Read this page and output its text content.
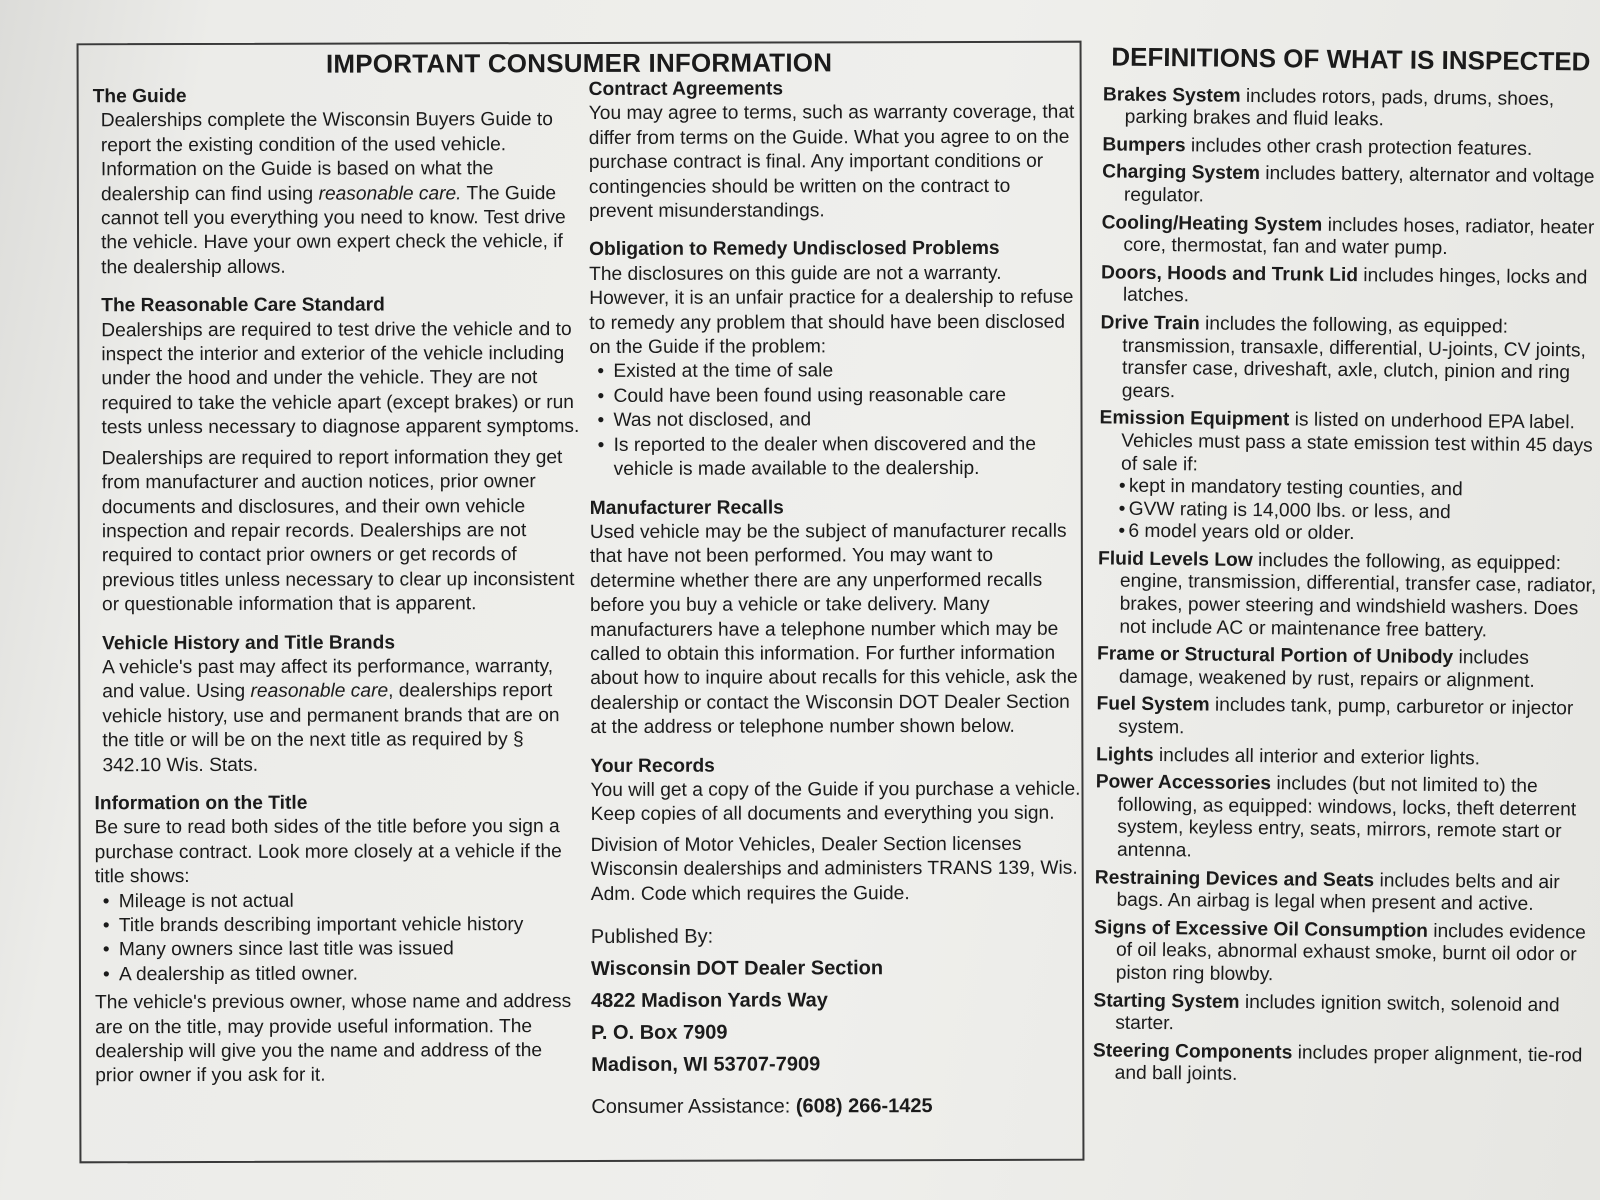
IMPORTANT CONSUMER INFORMATION

The Guide

Dealerships complete the Wisconsin Buyers Guide to report the existing condition of the used vehicle. Information on the Guide is based on what the dealership can find using reasonable care. The Guide cannot tell you everything you need to know. Test drive the vehicle. Have your own expert check the vehicle, if the dealership allows.

The Reasonable Care Standard

Dealerships are required to test drive the vehicle and to inspect the interior and exterior of the vehicle including under the hood and under the vehicle. They are not required to take the vehicle apart (except brakes) or run tests unless necessary to diagnose apparent symptoms.

Dealerships are required to report information they get from manufacturer and auction notices, prior owner documents and disclosures, and their own vehicle inspection and repair records. Dealerships are not required to contact prior owners or get records of previous titles unless necessary to clear up inconsistent or questionable information that is apparent.

Vehicle History and Title Brands

A vehicle's past may affect its performance, warranty, and value. Using reasonable care, dealerships report vehicle history, use and permanent brands that are on the title or will be on the next title as required by § 342.10 Wis. Stats.

Information on the Title

Be sure to read both sides of the title before you sign a purchase contract. Look more closely at a vehicle if the title shows:

• Mileage is not actual

• Title brands describing important vehicle history

• Many owners since last title was issued

• A dealership as titled owner.

The vehicle's previous owner, whose name and address are on the title, may provide useful information. The dealership will give you the name and address of the prior owner if you ask for it.

Contract Agreements

You may agree to terms, such as warranty coverage, that differ from terms on the Guide. What you agree to on the purchase contract is final. Any important conditions or contingencies should be written on the contract to prevent misunderstandings.

Obligation to Remedy Undisclosed Problems

The disclosures on this guide are not a warranty. However, it is an unfair practice for a dealership to refuse to remedy any problem that should have been disclosed on the Guide if the problem:

• Existed at the time of sale

• Could have been found using reasonable care

• Was not disclosed, and

• Is reported to the dealer when discovered and the vehicle is made available to the dealership.

Manufacturer Recalls

Used vehicle may be the subject of manufacturer recalls that have not been performed. You may want to determine whether there are any unperformed recalls before you buy a vehicle or take delivery. Many manufacturers have a telephone number which may be called to obtain this information. For further information about how to inquire about recalls for this vehicle, ask the dealership or contact the Wisconsin DOT Dealer Section at the address or telephone number shown below.

Your Records

You will get a copy of the Guide if you purchase a vehicle. Keep copies of all documents and everything you sign.

Division of Motor Vehicles, Dealer Section licenses Wisconsin dealerships and administers TRANS 139, Wis. Adm. Code which requires the Guide.

Published By:

Wisconsin DOT Dealer Section

4822 Madison Yards Way

P. O. Box 7909

Madison, WI 53707-7909

Consumer Assistance: (608) 266-1425

DEFINITIONS OF WHAT IS INSPECTED

Brakes System includes rotors, pads, drums, shoes, parking brakes and fluid leaks.

Bumpers includes other crash protection features.

Charging System includes battery, alternator and voltage regulator.

Cooling/Heating System includes hoses, radiator, heater core, thermostat, fan and water pump.

Doors, Hoods and Trunk Lid includes hinges, locks and latches.

Drive Train includes the following, as equipped: transmission, transaxle, differential, U-joints, CV joints, transfer case, driveshaft, axle, clutch, pinion and ring gears.

Emission Equipment is listed on underhood EPA label. Vehicles must pass a state emission test within 45 days of sale if:

• kept in mandatory testing counties, and

• GVW rating is 14,000 lbs. or less, and

• 6 model years old or older.

Fluid Levels Low includes the following, as equipped: engine, transmission, differential, transfer case, radiator, brakes, power steering and windshield washers. Does not include AC or maintenance free battery.

Frame or Structural Portion of Unibody includes damage, weakened by rust, repairs or alignment.

Fuel System includes tank, pump, carburetor or injector system.

Lights includes all interior and exterior lights.

Power Accessories includes (but not limited to) the following, as equipped: windows, locks, theft deterrent system, keyless entry, seats, mirrors, remote start or antenna.

Restraining Devices and Seats includes belts and air bags. An airbag is legal when present and active.

Signs of Excessive Oil Consumption includes evidence of oil leaks, abnormal exhaust smoke, burnt oil odor or piston ring blowby.

Starting System includes ignition switch, solenoid and starter.

Steering Components includes proper alignment, tie-rod and ball joints.
